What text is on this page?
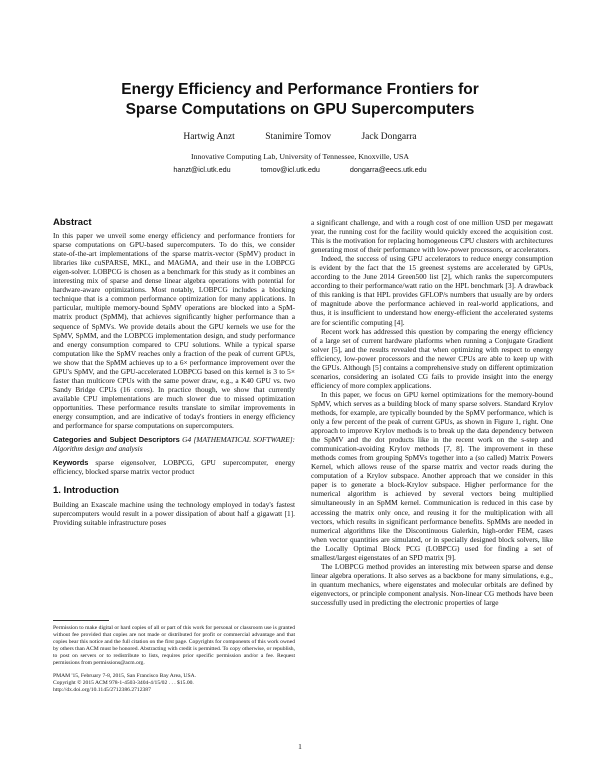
Energy Efficiency and Performance Frontiers for
Sparse Computations on GPU Supercomputers
Hartwig Anzt	Stanimire Tomov	Jack Dongarra
Innovative Computing Lab, University of Tennessee, Knoxville, USA
hanzt@icl.utk.edu	tomov@icl.utk.edu	dongarra@eecs.utk.edu
Abstract

In this paper we unveil some energy efficiency and performance frontiers for sparse computations on GPU-based supercomputers. To do this, we consider state-of-the-art implementations of the sparse matrix-vector (SpMV) product in libraries like cuSPARSE, MKL, and MAGMA, and their use in the LOBPCG eigen-solver. LOBPCG is chosen as a benchmark for this study as it combines an interesting mix of sparse and dense linear algebra operations with potential for hardware-aware optimizations. Most notably, LOBPCG includes a blocking technique that is a common performance optimization for many applications. In particular, multiple memory-bound SpMV operations are blocked into a SpM-matrix product (SpMM), that achieves significantly higher performance than a sequence of SpMVs. We provide details about the GPU kernels we use for the SpMV, SpMM, and the LOBPCG implementation design, and study performance and energy consumption compared to CPU solutions. While a typical sparse computation like the SpMV reaches only a fraction of the peak of current GPUs, we show that the SpMM achieves up to a 6× performance improvement over the GPU's SpMV, and the GPU-accelerated LOBPCG based on this kernel is 3 to 5× faster than multicore CPUs with the same power draw, e.g., a K40 GPU vs. two Sandy Bridge CPUs (16 cores). In practice though, we show that currently available CPU implementations are much slower due to missed optimization opportunities. These performance results translate to similar improvements in energy consumption, and are indicative of today's frontiers in energy efficiency and performance for sparse computations on supercomputers.

Categories and Subject Descriptors G4 [MATHEMATICAL SOFTWARE]: Algorithm design and analysis

Keywords sparse eigensolver, LOBPCG, GPU supercomputer, energy efficiency, blocked sparse matrix vector product

1. Introduction

Building an Exascale machine using the technology employed in today's fastest supercomputers would result in a power dissipation of about half a gigawatt [1]. Providing suitable infrastructure poses

Permission to make digital or hard copies of all or part of this work for personal or classroom use is granted without fee provided that copies are not made or distributed for profit or commercial advantage and that copies bear this notice and the full citation on the first page. Copyrights for components of this work owned by others than ACM must be honored. Abstracting with credit is permitted. To copy otherwise, or republish, to post on servers or to redistribute to lists, requires prior specific permission and/or a fee. Request permissions from permissions@acm.org.

PMAM '15, February 7-8, 2015, San Francisco Bay Area, USA.

Copyright © 2015 ACM 978-1-4503-3404-4/15/02 . . . $15.00.

http://dx.doi.org/10.1145/2712386.2712387

a significant challenge, and with a rough cost of one million USD per megawatt year, the running cost for the facility would quickly exceed the acquisition cost. This is the motivation for replacing homogeneous CPU clusters with architectures generating most of their performance with low-power processors, or accelerators.

Indeed, the success of using GPU accelerators to reduce energy consumption is evident by the fact that the 15 greenest systems are accelerated by GPUs, according to the June 2014 Green500 list [2], which ranks the supercomputers according to their performance/watt ratio on the HPL benchmark [3]. A drawback of this ranking is that HPL provides GFLOP/s numbers that usually are by orders of magnitude above the performance achieved in real-world applications, and thus, it is insufficient to understand how energy-efficient the accelerated systems are for scientific computing [4].

Recent work has addressed this question by comparing the energy efficiency of a large set of current hardware platforms when running a Conjugate Gradient solver [5], and the results revealed that when optimizing with respect to energy efficiency, low-power processors and the newer CPUs are able to keep up with the GPUs. Although [5] contains a comprehensive study on different optimization scenarios, considering an isolated CG fails to provide insight into the energy efficiency of more complex applications.

In this paper, we focus on GPU kernel optimizations for the memory-bound SpMV, which serves as a building block of many sparse solvers. Standard Krylov methods, for example, are typically bounded by the SpMV performance, which is only a few percent of the peak of current GPUs, as shown in Figure 1, right. One approach to improve Krylov methods is to break up the data dependency between the SpMV and the dot products like in the recent work on the s-step and communication-avoiding Krylov methods [7, 8]. The improvement in these methods comes from grouping SpMVs together into a (so called) Matrix Powers Kernel, which allows reuse of the sparse matrix and vector reads during the computation of a Krylov subspace. Another approach that we consider in this paper is to generate a block-Krylov subspace. Higher performance for the numerical algorithm is achieved by several vectors being multiplied simultaneously in an SpMM kernel. Communication is reduced in this case by accessing the matrix only once, and reusing it for the multiplication with all vectors, which results in significant performance benefits. SpMMs are needed in numerical algorithms like the Discontinuous Galerkin, high-order FEM, cases when vector quantities are simulated, or in specially designed block solvers, like the Locally Optimal Block PCG (LOBPCG) used for finding a set of smallest/largest eigenstates of an SPD matrix [9].

The LOBPCG method provides an interesting mix between sparse and dense linear algebra operations. It also serves as a backbone for many simulations, e.g., in quantum mechanics, where eigenstates and molecular orbitals are defined by eigenvectors, or principle component analysis. Non-linear CG methods have been successfully used in predicting the electronic properties of large

1
